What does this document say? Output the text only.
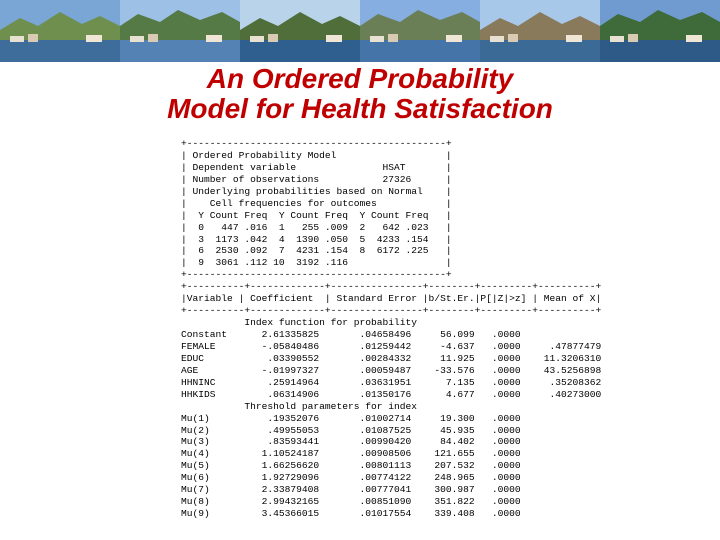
An Ordered Probability
Model for Health Satisfaction
+---------------------------------------------+
| Ordered Probability Model                   |
| Dependent variable               HSAT       |
| Number of observations           27326      |
| Underlying probabilities based on Normal    |
|    Cell frequencies for outcomes            |
|  Y Count Freq  Y Count Freq  Y Count Freq   |
|  0   447 .016  1   255 .009  2   642 .023   |
|  3  1173 .042  4  1390 .050  5  4233 .154   |
|  6  2530 .092  7  4231 .154  8  6172 .225   |
|  9  3061 .112 10  3192 .116                 |
+---------------------------------------------+
+----------+-------------+----------------+--------+---------+----------+
|Variable | Coefficient  | Standard Error |b/St.Er.|P[|Z|>z] | Mean of X|
+----------+-------------+----------------+--------+---------+----------+
Index function for probability
Constant      2.61335825       .04658496     56.099   .0000
FEMALE        -.05840486       .01259442     -4.637   .0000     .47877479
EDUC           .03390552       .00284332     11.925   .0000    11.3206310
AGE           -.01997327       .00059487    -33.576   .0000    43.5256898
HHNINC         .25914964       .03631951      7.135   .0000     .35208362
HHKIDS         .06314906       .01350176      4.677   .0000     .40273000
Threshold parameters for index
Mu(1)          .19352076       .01002714     19.300   .0000
Mu(2)          .49955053       .01087525     45.935   .0000
Mu(3)          .83593441       .00990420     84.402   .0000
Mu(4)         1.10524187       .00908506    121.655   .0000
Mu(5)         1.66256620       .00801113    207.532   .0000
Mu(6)         1.92729096       .00774122    248.965   .0000
Mu(7)         2.33879408       .00777041    300.987   .0000
Mu(8)         2.99432165       .00851090    351.822   .0000
Mu(9)         3.45366015       .01017554    339.408   .0000
